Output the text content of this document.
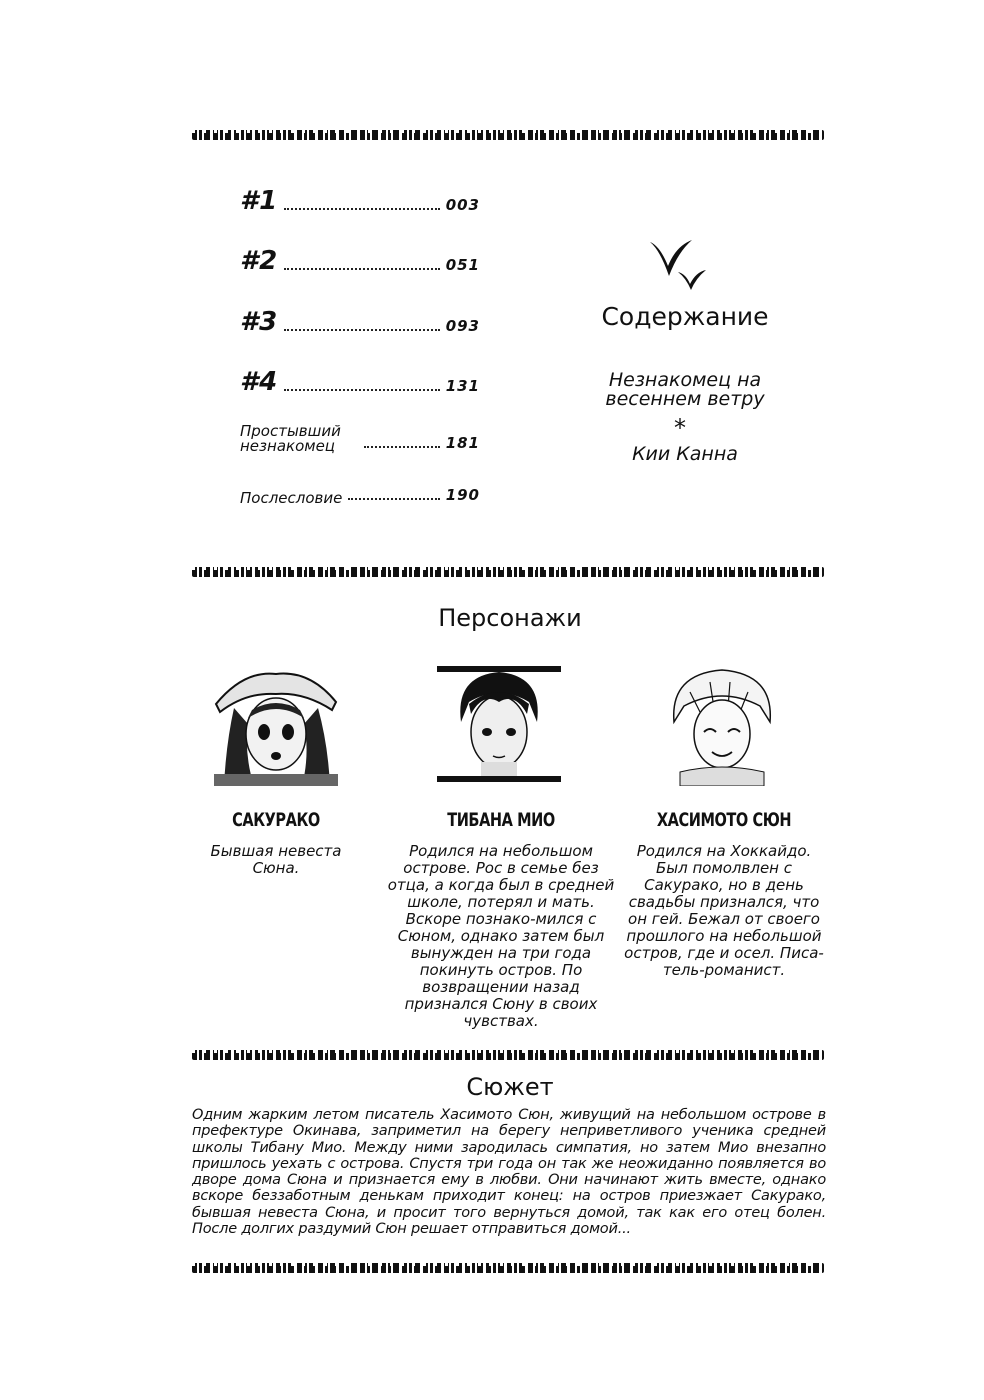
#1	003
#2	051
#3	093
#4	131
Простывший незнакомец	181
Послесловие	190
Содержание
Незнакомец на
весеннем ветру
*
Кии Канна
Персонажи
САКУРАКО
Бывшая невеста Сюна.
ТИБАНА МИО
Родился на небольшом острове. Рос в семье без отца, а когда был в средней школе, потерял и мать. Вскоре познако-мился с Сюном, однако затем был вынужден на три года покинуть остров. По возвращении назад признался Сюну в своих чувствах.
ХАСИМОТО СЮН
Родился на Хоккайдо. Был помолвлен с Сакурако, но в день свадьбы признался, что он гей. Бежал от своего прошлого на небольшой остров, где и осел. Писа-тель-романист.
Сюжет
Одним жарким летом писатель Хасимото Сюн, живущий на небольшом острове в префектуре Окинава, заприметил на берегу неприветливого ученика средней школы Тибану Мио. Между ними зародилась симпатия, но затем Мио внезапно пришлось уехать с острова. Спустя три года он так же неожиданно появляется во дворе дома Сюна и признается ему в любви. Они начинают жить вместе, однако вскоре беззаботным денькам приходит конец: на остров приезжает Сакурако, бывшая невеста Сюна, и просит того вернуться домой, так как его отец болен. После долгих раздумий Сюн решает отправиться домой...
